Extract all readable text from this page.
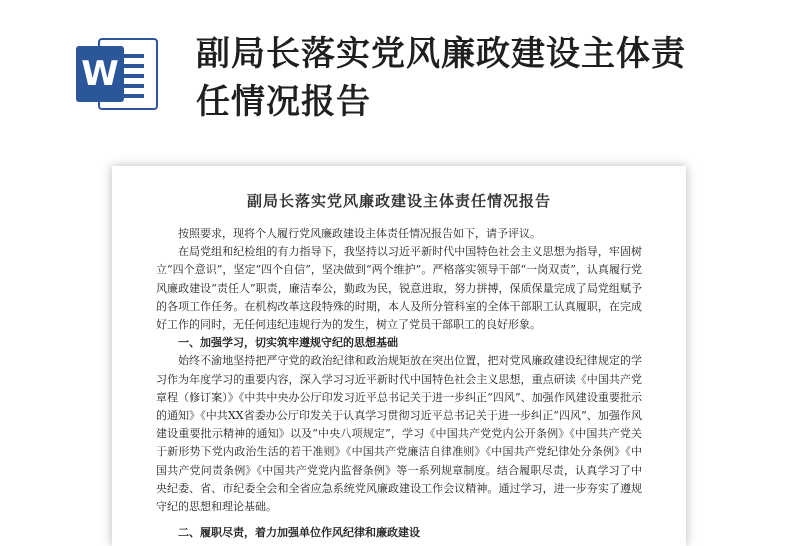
W 副局长落实党风廉政建设主体责任情况报告
副局长落实党风廉政建设主体责任情况报告

按照要求，现将个人履行党风廉政建设主体责任情况报告如下，请予评议。

在局党组和纪检组的有力指导下，我坚持以习近平新时代中国特色社会主义思想为指导，牢固树立“四个意识”，坚定“四个自信”，坚决做到“两个维护”。严格落实领导干部“一岗双责”，认真履行党风廉政建设“责任人”职责，廉洁奉公，勤政为民，锐意进取，努力拼搏，保质保量完成了局党组赋予的各项工作任务。在机构改革这段特殊的时期，本人及所分管科室的全体干部职工认真履职，在完成好工作的同时，无任何违纪违规行为的发生，树立了党员干部职工的良好形象。

一、加强学习，切实筑牢遵规守纪的思想基础

始终不渝地坚持把严守党的政治纪律和政治规矩放在突出位置，把对党风廉政建设纪律规定的学习作为年度学习的重要内容，深入学习习近平新时代中国特色社会主义思想，重点研读《中国共产党章程（修订案）》《中共中央办公厅印发习近平总书记关于进一步纠正“四风”、加强作风建设重要批示的通知》《中共XX省委办公厅印发关于认真学习贯彻习近平总书记关于进一步纠正“四风”、加强作风建设重要批示精神的通知》以及“中央八项规定”，学习《中国共产党党内公开条例》《中国共产党关于新形势下党内政治生活的若干准则》《中国共产党廉洁自律准则》《中国共产党纪律处分条例》《中国共产党问责条例》《中国共产党党内监督条例》等一系列规章制度。结合履职尽责，认真学习了中央纪委、省、市纪委全会和全省应急系统党风廉政建设工作会议精神。通过学习，进一步夯实了遵规守纪的思想和理论基础。

二、履职尽责，着力加强单位作风纪律和廉政建设
